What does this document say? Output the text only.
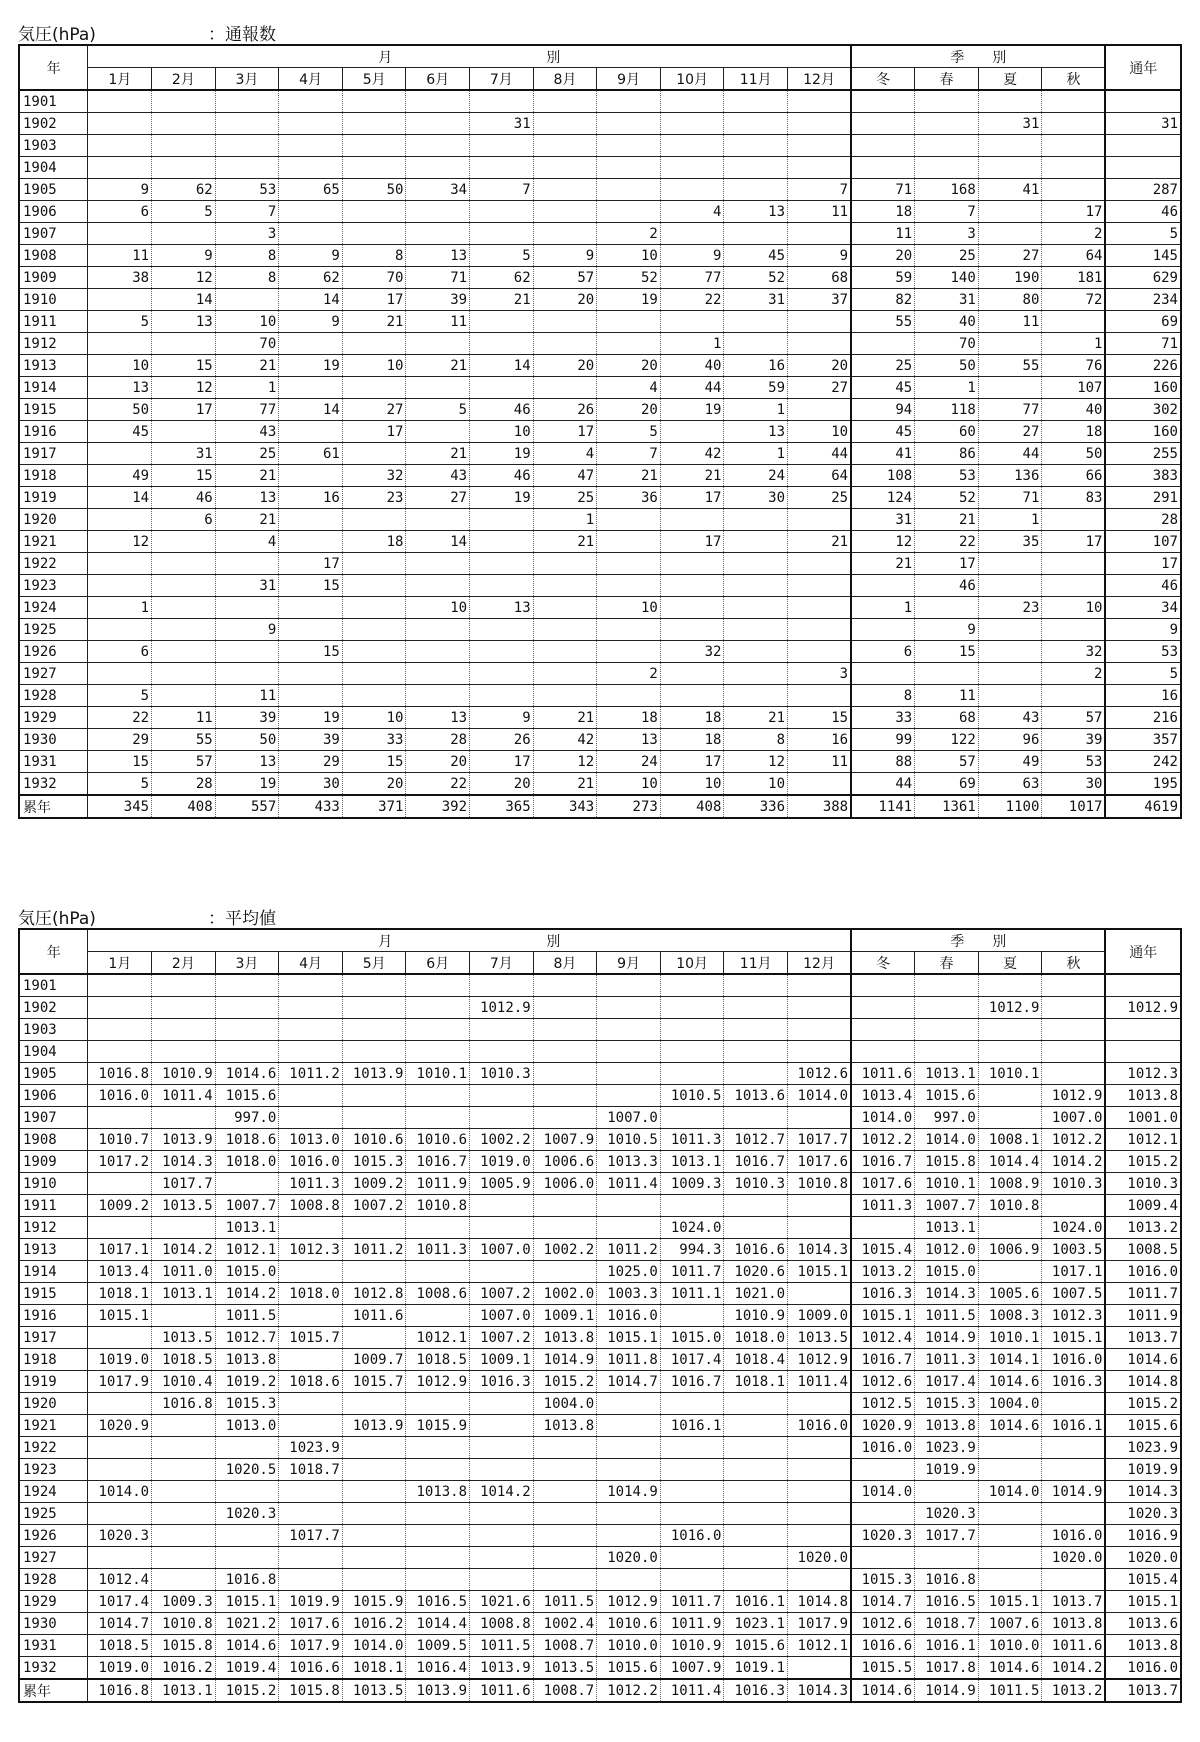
気圧(hPa)	：通報数
年	月　　　　　　　　　　　別												季　　別				通年
	1月	2月	3月	4月	5月	6月	7月	8月	9月	10月	11月	12月	冬	春	夏	秋	
1901																	
1902							31								31		31
1903																	
1904																	
1905	9	62	53	65	50	34	7					7	71	168	41		287
1906	6	5	7							4	13	11	18	7		17	46
1907			3						2				11	3		2	5
1908	11	9	8	9	8	13	5	9	10	9	45	9	20	25	27	64	145
1909	38	12	8	62	70	71	62	57	52	77	52	68	59	140	190	181	629
1910		14		14	17	39	21	20	19	22	31	37	82	31	80	72	234
1911	5	13	10	9	21	11							55	40	11		69
1912			70							1				70		1	71
1913	10	15	21	19	10	21	14	20	20	40	16	20	25	50	55	76	226
1914	13	12	1						4	44	59	27	45	1		107	160
1915	50	17	77	14	27	5	46	26	20	19	1		94	118	77	40	302
1916	45		43		17		10	17	5		13	10	45	60	27	18	160
1917		31	25	61		21	19	4	7	42	1	44	41	86	44	50	255
1918	49	15	21		32	43	46	47	21	21	24	64	108	53	136	66	383
1919	14	46	13	16	23	27	19	25	36	17	30	25	124	52	71	83	291
1920		6	21					1					31	21	1		28
1921	12		4		18	14		21		17		21	12	22	35	17	107
1922				17									21	17			17
1923			31	15										46			46
1924	1					10	13		10				1		23	10	34
1925			9											9			9
1926	6			15						32			6	15		32	53
1927									2			3				2	5
1928	5		11										8	11			16
1929	22	11	39	19	10	13	9	21	18	18	21	15	33	68	43	57	216
1930	29	55	50	39	33	28	26	42	13	18	8	16	99	122	96	39	357
1931	15	57	13	29	15	20	17	12	24	17	12	11	88	57	49	53	242
1932	5	28	19	30	20	22	20	21	10	10	10		44	69	63	30	195
累年	345	408	557	433	371	392	365	343	273	408	336	388	1141	1361	1100	1017	4619
気圧(hPa)	：平均値
年	月　　　　　　　　　　　別												季　　別				通年
	1月	2月	3月	4月	5月	6月	7月	8月	9月	10月	11月	12月	冬	春	夏	秋	
1901																	
1902							1012.9								1012.9		1012.9
1903																	
1904																	
1905	1016.8	1010.9	1014.6	1011.2	1013.9	1010.1	1010.3					1012.6	1011.6	1013.1	1010.1		1012.3
1906	1016.0	1011.4	1015.6							1010.5	1013.6	1014.0	1013.4	1015.6		1012.9	1013.8
1907			997.0						1007.0				1014.0	997.0		1007.0	1001.0
1908	1010.7	1013.9	1018.6	1013.0	1010.6	1010.6	1002.2	1007.9	1010.5	1011.3	1012.7	1017.7	1012.2	1014.0	1008.1	1012.2	1012.1
1909	1017.2	1014.3	1018.0	1016.0	1015.3	1016.7	1019.0	1006.6	1013.3	1013.1	1016.7	1017.6	1016.7	1015.8	1014.4	1014.2	1015.2
1910		1017.7		1011.3	1009.2	1011.9	1005.9	1006.0	1011.4	1009.3	1010.3	1010.8	1017.6	1010.1	1008.9	1010.3	1010.3
1911	1009.2	1013.5	1007.7	1008.8	1007.2	1010.8							1011.3	1007.7	1010.8		1009.4
1912			1013.1							1024.0				1013.1		1024.0	1013.2
1913	1017.1	1014.2	1012.1	1012.3	1011.2	1011.3	1007.0	1002.2	1011.2	994.3	1016.6	1014.3	1015.4	1012.0	1006.9	1003.5	1008.5
1914	1013.4	1011.0	1015.0						1025.0	1011.7	1020.6	1015.1	1013.2	1015.0		1017.1	1016.0
1915	1018.1	1013.1	1014.2	1018.0	1012.8	1008.6	1007.2	1002.0	1003.3	1011.1	1021.0		1016.3	1014.3	1005.6	1007.5	1011.7
1916	1015.1		1011.5		1011.6		1007.0	1009.1	1016.0		1010.9	1009.0	1015.1	1011.5	1008.3	1012.3	1011.9
1917		1013.5	1012.7	1015.7		1012.1	1007.2	1013.8	1015.1	1015.0	1018.0	1013.5	1012.4	1014.9	1010.1	1015.1	1013.7
1918	1019.0	1018.5	1013.8		1009.7	1018.5	1009.1	1014.9	1011.8	1017.4	1018.4	1012.9	1016.7	1011.3	1014.1	1016.0	1014.6
1919	1017.9	1010.4	1019.2	1018.6	1015.7	1012.9	1016.3	1015.2	1014.7	1016.7	1018.1	1011.4	1012.6	1017.4	1014.6	1016.3	1014.8
1920		1016.8	1015.3					1004.0					1012.5	1015.3	1004.0		1015.2
1921	1020.9		1013.0		1013.9	1015.9		1013.8		1016.1		1016.0	1020.9	1013.8	1014.6	1016.1	1015.6
1922				1023.9									1016.0	1023.9			1023.9
1923			1020.5	1018.7										1019.9			1019.9
1924	1014.0					1013.8	1014.2		1014.9				1014.0		1014.0	1014.9	1014.3
1925			1020.3											1020.3			1020.3
1926	1020.3			1017.7						1016.0			1020.3	1017.7		1016.0	1016.9
1927									1020.0			1020.0				1020.0	1020.0
1928	1012.4		1016.8										1015.3	1016.8			1015.4
1929	1017.4	1009.3	1015.1	1019.9	1015.9	1016.5	1021.6	1011.5	1012.9	1011.7	1016.1	1014.8	1014.7	1016.5	1015.1	1013.7	1015.1
1930	1014.7	1010.8	1021.2	1017.6	1016.2	1014.4	1008.8	1002.4	1010.6	1011.9	1023.1	1017.9	1012.6	1018.7	1007.6	1013.8	1013.6
1931	1018.5	1015.8	1014.6	1017.9	1014.0	1009.5	1011.5	1008.7	1010.0	1010.9	1015.6	1012.1	1016.6	1016.1	1010.0	1011.6	1013.8
1932	1019.0	1016.2	1019.4	1016.6	1018.1	1016.4	1013.9	1013.5	1015.6	1007.9	1019.1		1015.5	1017.8	1014.6	1014.2	1016.0
累年	1016.8	1013.1	1015.2	1015.8	1013.5	1013.9	1011.6	1008.7	1012.2	1011.4	1016.3	1014.3	1014.6	1014.9	1011.5	1013.2	1013.7
